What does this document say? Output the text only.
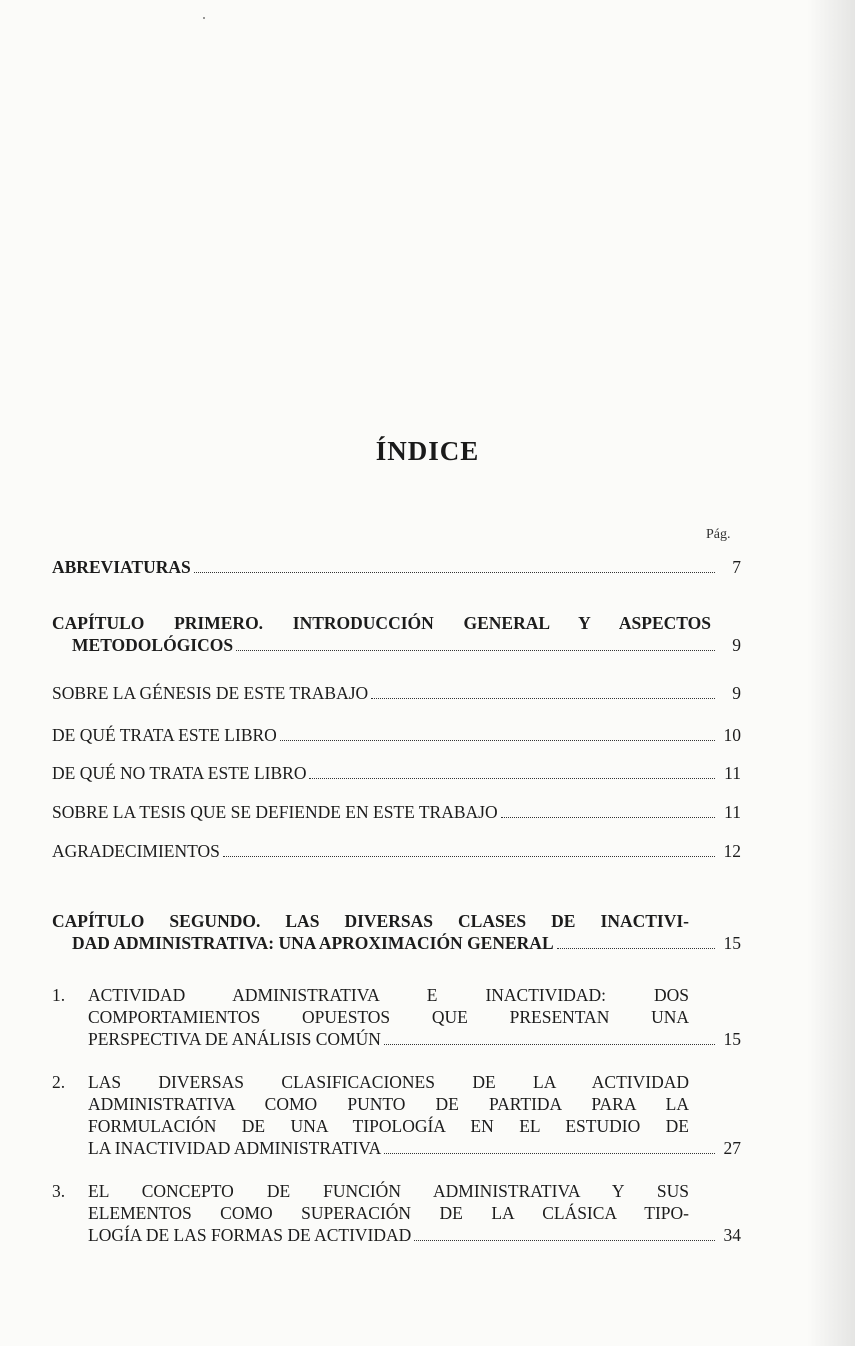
ÍNDICE
Pág.
ABREVIATURAS	7
CAPÍTULO PRIMERO. INTRODUCCIÓN GENERAL Y ASPECTOS
METODOLÓGICOS	9
SOBRE LA GÉNESIS DE ESTE TRABAJO	9
DE QUÉ TRATA ESTE LIBRO	10
DE QUÉ NO TRATA ESTE LIBRO	11
SOBRE LA TESIS QUE SE DEFIENDE EN ESTE TRABAJO	11
AGRADECIMIENTOS	12
CAPÍTULO SEGUNDO. LAS DIVERSAS CLASES DE INACTIVI-
DAD ADMINISTRATIVA: UNA APROXIMACIÓN GENERAL	15
1. ACTIVIDAD ADMINISTRATIVA E INACTIVIDAD: DOS
COMPORTAMIENTOS OPUESTOS QUE PRESENTAN UNA
PERSPECTIVA DE ANÁLISIS COMÚN	15
2. LAS DIVERSAS CLASIFICACIONES DE LA ACTIVIDAD
ADMINISTRATIVA COMO PUNTO DE PARTIDA PARA LA
FORMULACIÓN DE UNA TIPOLOGÍA EN EL ESTUDIO DE
LA INACTIVIDAD ADMINISTRATIVA	27
3. EL CONCEPTO DE FUNCIÓN ADMINISTRATIVA Y SUS
ELEMENTOS COMO SUPERACIÓN DE LA CLÁSICA TIPO-
LOGÍA DE LAS FORMAS DE ACTIVIDAD	34
